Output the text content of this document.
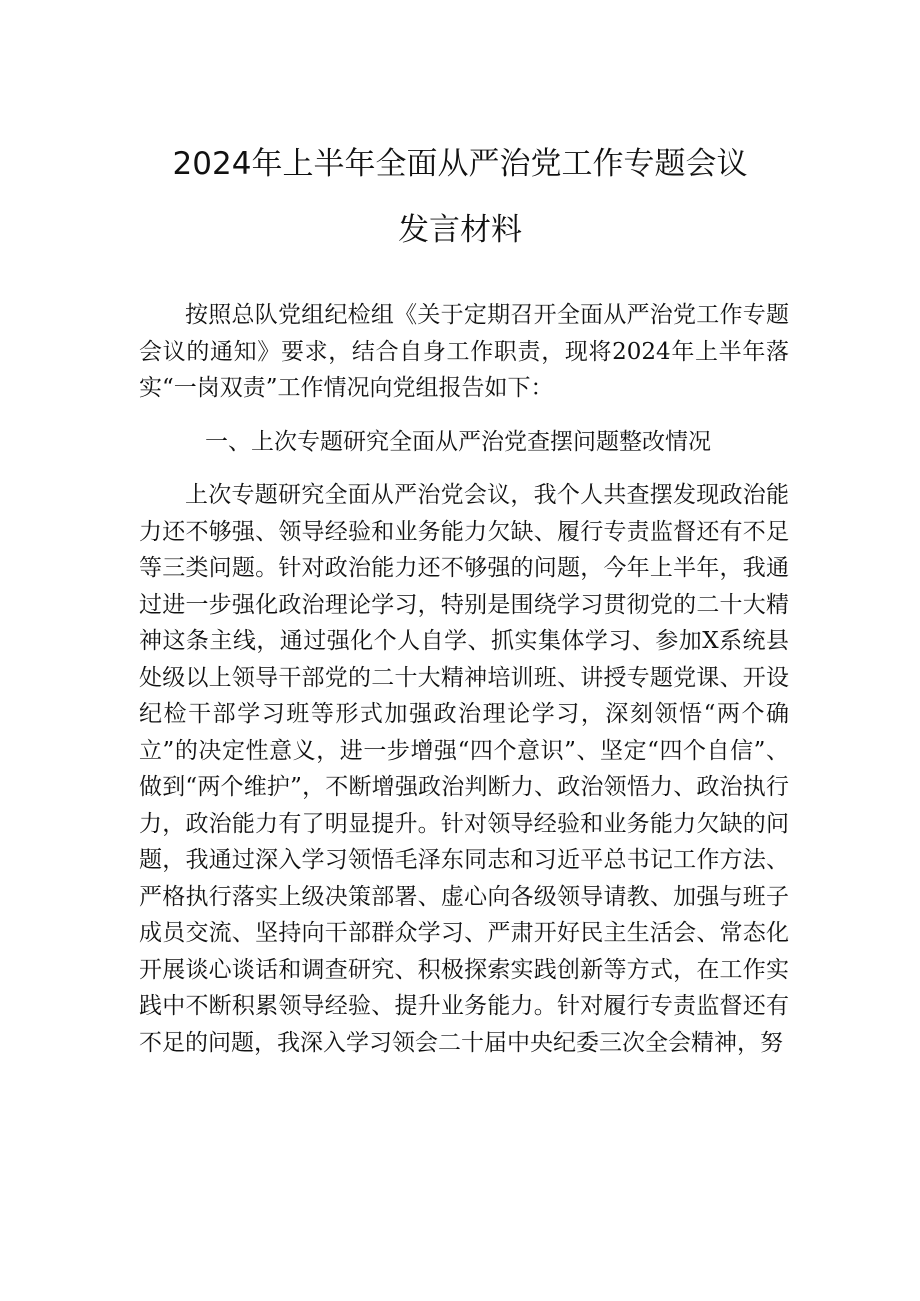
2024年上半年全面从严治党工作专题会议
发言材料

按照总队党组纪检组《关于定期召开全面从严治党工作专题会议的通知》要求，结合自身工作职责，现将2024年上半年落实“一岗双责”工作情况向党组报告如下：

一、上次专题研究全面从严治党查摆问题整改情况

上次专题研究全面从严治党会议，我个人共查摆发现政治能力还不够强、领导经验和业务能力欠缺、履行专责监督还有不足等三类问题。针对政治能力还不够强的问题，今年上半年，我通过进一步强化政治理论学习，特别是围绕学习贯彻党的二十大精神这条主线，通过强化个人自学、抓实集体学习、参加X系统县处级以上领导干部党的二十大精神培训班、讲授专题党课、开设纪检干部学习班等形式加强政治理论学习，深刻领悟“两个确立”的决定性意义，进一步增强“四个意识”、坚定“四个自信”、做到“两个维护”，不断增强政治判断力、政治领悟力、政治执行力，政治能力有了明显提升。针对领导经验和业务能力欠缺的问题，我通过深入学习领悟毛泽东同志和习近平总书记工作方法、严格执行落实上级决策部署、虚心向各级领导请教、加强与班子成员交流、坚持向干部群众学习、严肃开好民主生活会、常态化开展谈心谈话和调查研究、积极探索实践创新等方式，在工作实践中不断积累领导经验、提升业务能力。针对履行专责监督还有不足的问题，我深入学习领会二十届中央纪委三次全会精神，努
